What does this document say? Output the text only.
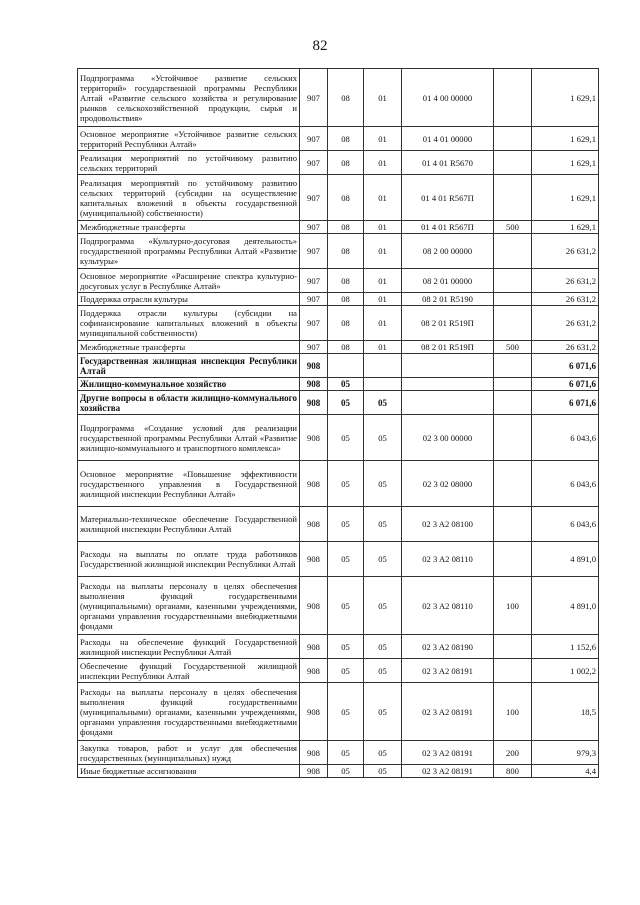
82
Подпрограмма «Устойчивое развитие сельских территорий» государственной программы Республики Алтай «Развитие сельского хозяйства и регулирование рынков сельскохозяйственной продукции, сырья и продовольствия»	907	08	01	01 4 00 00000		1 629,1
Основное мероприятие «Устойчивое развитие сельских территорий Республики Алтай»	907	08	01	01 4 01 00000		1 629,1
Реализация мероприятий по устойчивому развитию сельских территорий	907	08	01	01 4 01 R5670		1 629,1
Реализация мероприятий по устойчивому развитию сельских территорий (субсидии на осуществление капитальных вложений в объекты государственной (муниципальной) собственности)	907	08	01	01 4 01 R567П		1 629,1
Межбюджетные трансферты	907	08	01	01 4 01 R567П	500	1 629,1
Подпрограмма «Культурно-досуговая деятельность» государственной программы Республики Алтай «Развитие культуры»	907	08	01	08 2 00 00000		26 631,2
Основное мероприятие «Расширение спектра культурно-досуговых услуг в Республике Алтай»	907	08	01	08 2 01 00000		26 631,2
Поддержка отрасли культуры	907	08	01	08 2 01 R5190		26 631,2
Поддержка отрасли культуры (субсидии на софинансирование капитальных вложений в объекты муниципальной собственности)	907	08	01	08 2 01 R519П		26 631,2
Межбюджетные трансферты	907	08	01	08 2 01 R519П	500	26 631,2
Государственная жилищная инспекция Республики Алтай	908					6 071,6
Жилищно-коммунальное хозяйство	908	05				6 071,6
Другие вопросы в области жилищно-коммунального хозяйства	908	05	05			6 071,6
Подпрограмма «Создание условий для реализации государственной программы Республики Алтай «Развитие жилищно-коммунального и транспортного комплекса»	908	05	05	02 3 00 00000		6 043,6
Основное мероприятие «Повышение эффективности государственного управления в Государственной жилищной инспекции Республики Алтай»	908	05	05	02 3 02 08000		6 043,6
Материально-техническое обеспечение Государственной жилищной инспекции Республики Алтай	908	05	05	02 3 A2 08100		6 043,6
Расходы на выплаты по оплате труда работников Государственной жилищной инспекции Республики Алтай	908	05	05	02 3 A2 08110		4 891,0
Расходы на выплаты персоналу в целях обеспечения выполнения функций государственными (муниципальными) органами, казенными учреждениями, органами управления государственными внебюджетными фондами	908	05	05	02 3 A2 08110	100	4 891,0
Расходы на обеспечение функций Государственной жилищной инспекции Республики Алтай	908	05	05	02 3 A2 08190		1 152,6
Обеспечение функций Государственной жилищной инспекции Республики Алтай	908	05	05	02 3 A2 08191		1 002,2
Расходы на выплаты персоналу в целях обеспечения выполнения функций государственными (муниципальными) органами, казенными учреждениями, органами управления государственными внебюджетными фондами	908	05	05	02 3 A2 08191	100	18,5
Закупка товаров, работ и услуг для обеспечения государственных (муниципальных) нужд	908	05	05	02 3 A2 08191	200	979,3
Иные бюджетные ассигнования	908	05	05	02 3 A2 08191	800	4,4
